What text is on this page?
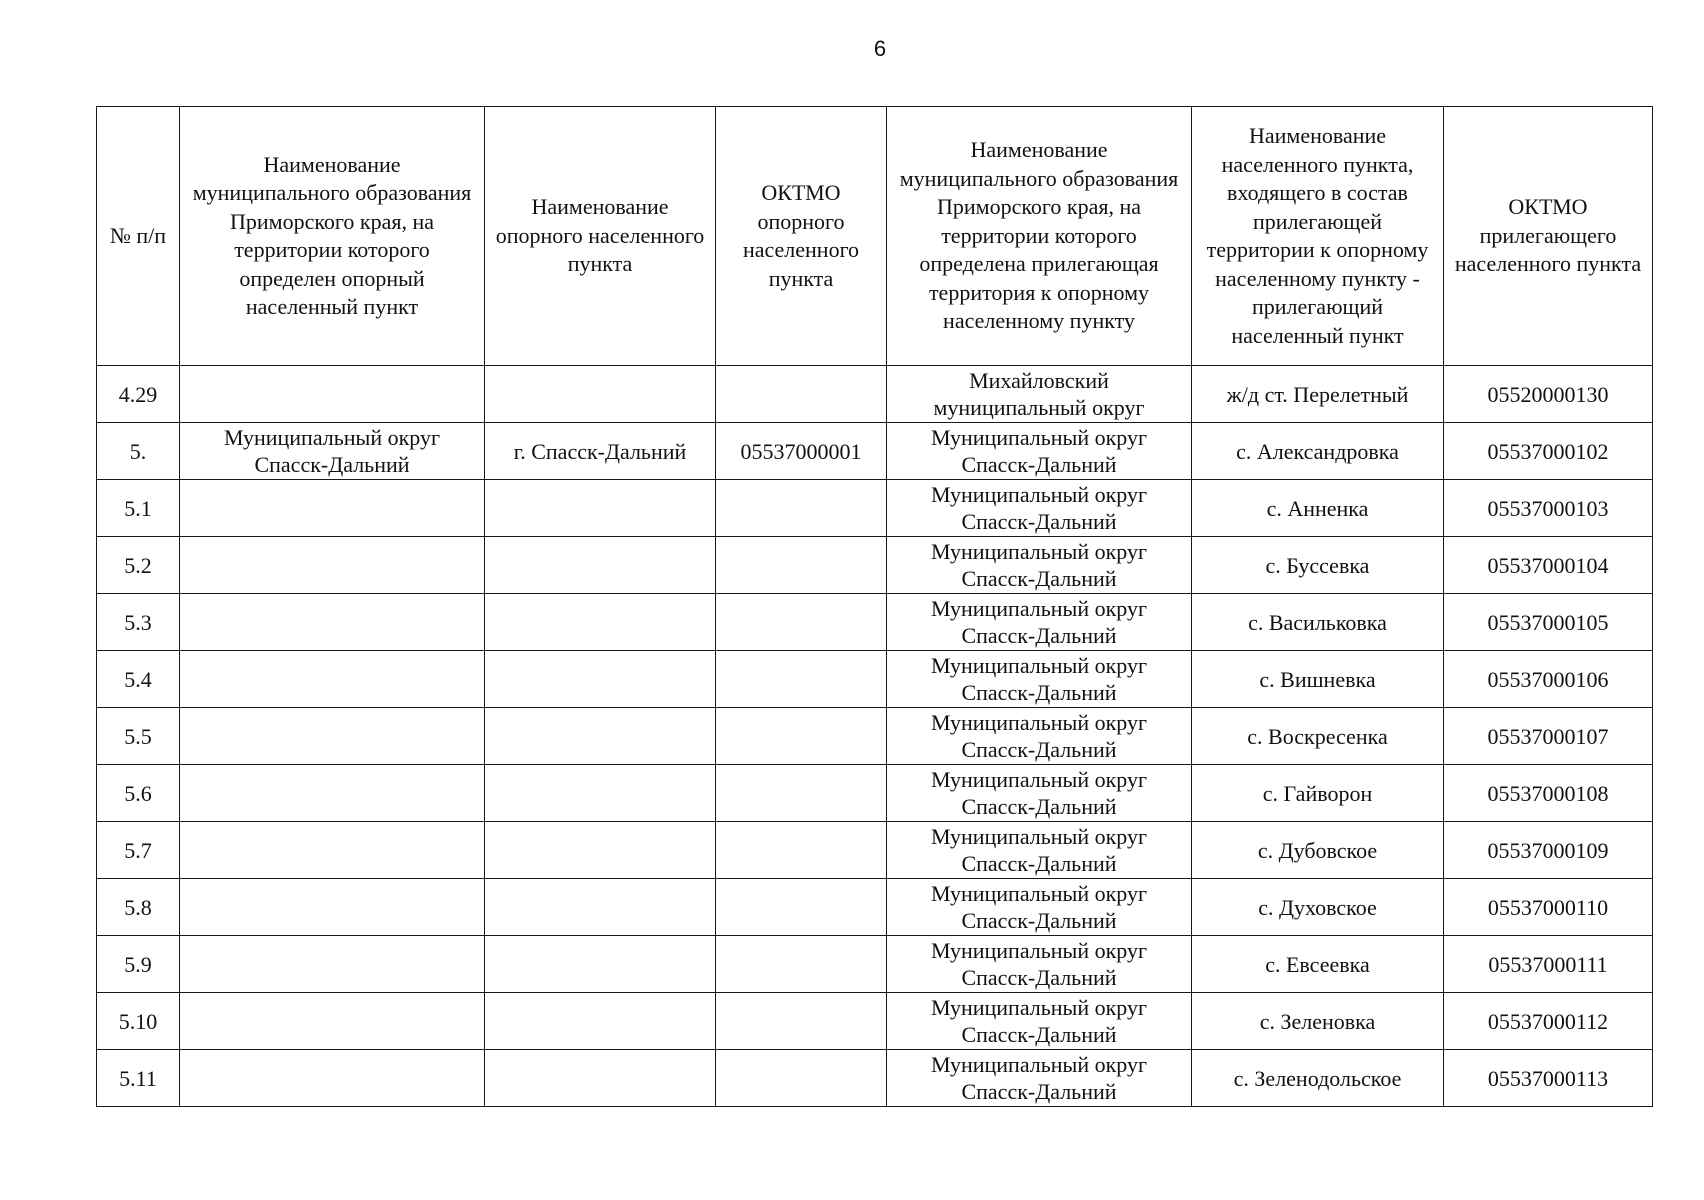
6
№ п/п	Наименование муниципального образования Приморского края, на территории которого определен опорный населенный пункт	Наименование опорного населенного пункта	ОКТМО опорного населенного пункта	Наименование муниципального образования Приморского края, на территории которого определена прилегающая территория к опорному населенному пункту	Наименование населенного пункта, входящего в состав прилегающей территории к опорному населенному пункту - прилегающий населенный пункт	ОКТМО прилегающего населенного пункта
4.29				Михайловский муниципальный округ	ж/д ст. Перелетный	05520000130
5.	Муниципальный округ Спасск-Дальний	г. Спасск-Дальний	05537000001	Муниципальный округ Спасск-Дальний	с. Александровка	05537000102
5.1				Муниципальный округ Спасск-Дальний	с. Анненка	05537000103
5.2				Муниципальный округ Спасск-Дальний	с. Буссевка	05537000104
5.3				Муниципальный округ Спасск-Дальний	с. Васильковка	05537000105
5.4				Муниципальный округ Спасск-Дальний	с. Вишневка	05537000106
5.5				Муниципальный округ Спасск-Дальний	с. Воскресенка	05537000107
5.6				Муниципальный округ Спасск-Дальний	с. Гайворон	05537000108
5.7				Муниципальный округ Спасск-Дальний	с. Дубовское	05537000109
5.8				Муниципальный округ Спасск-Дальний	с. Духовское	05537000110
5.9				Муниципальный округ Спасск-Дальний	с. Евсеевка	05537000111
5.10				Муниципальный округ Спасск-Дальний	с. Зеленовка	05537000112
5.11				Муниципальный округ Спасск-Дальний	с. Зеленодольское	05537000113
